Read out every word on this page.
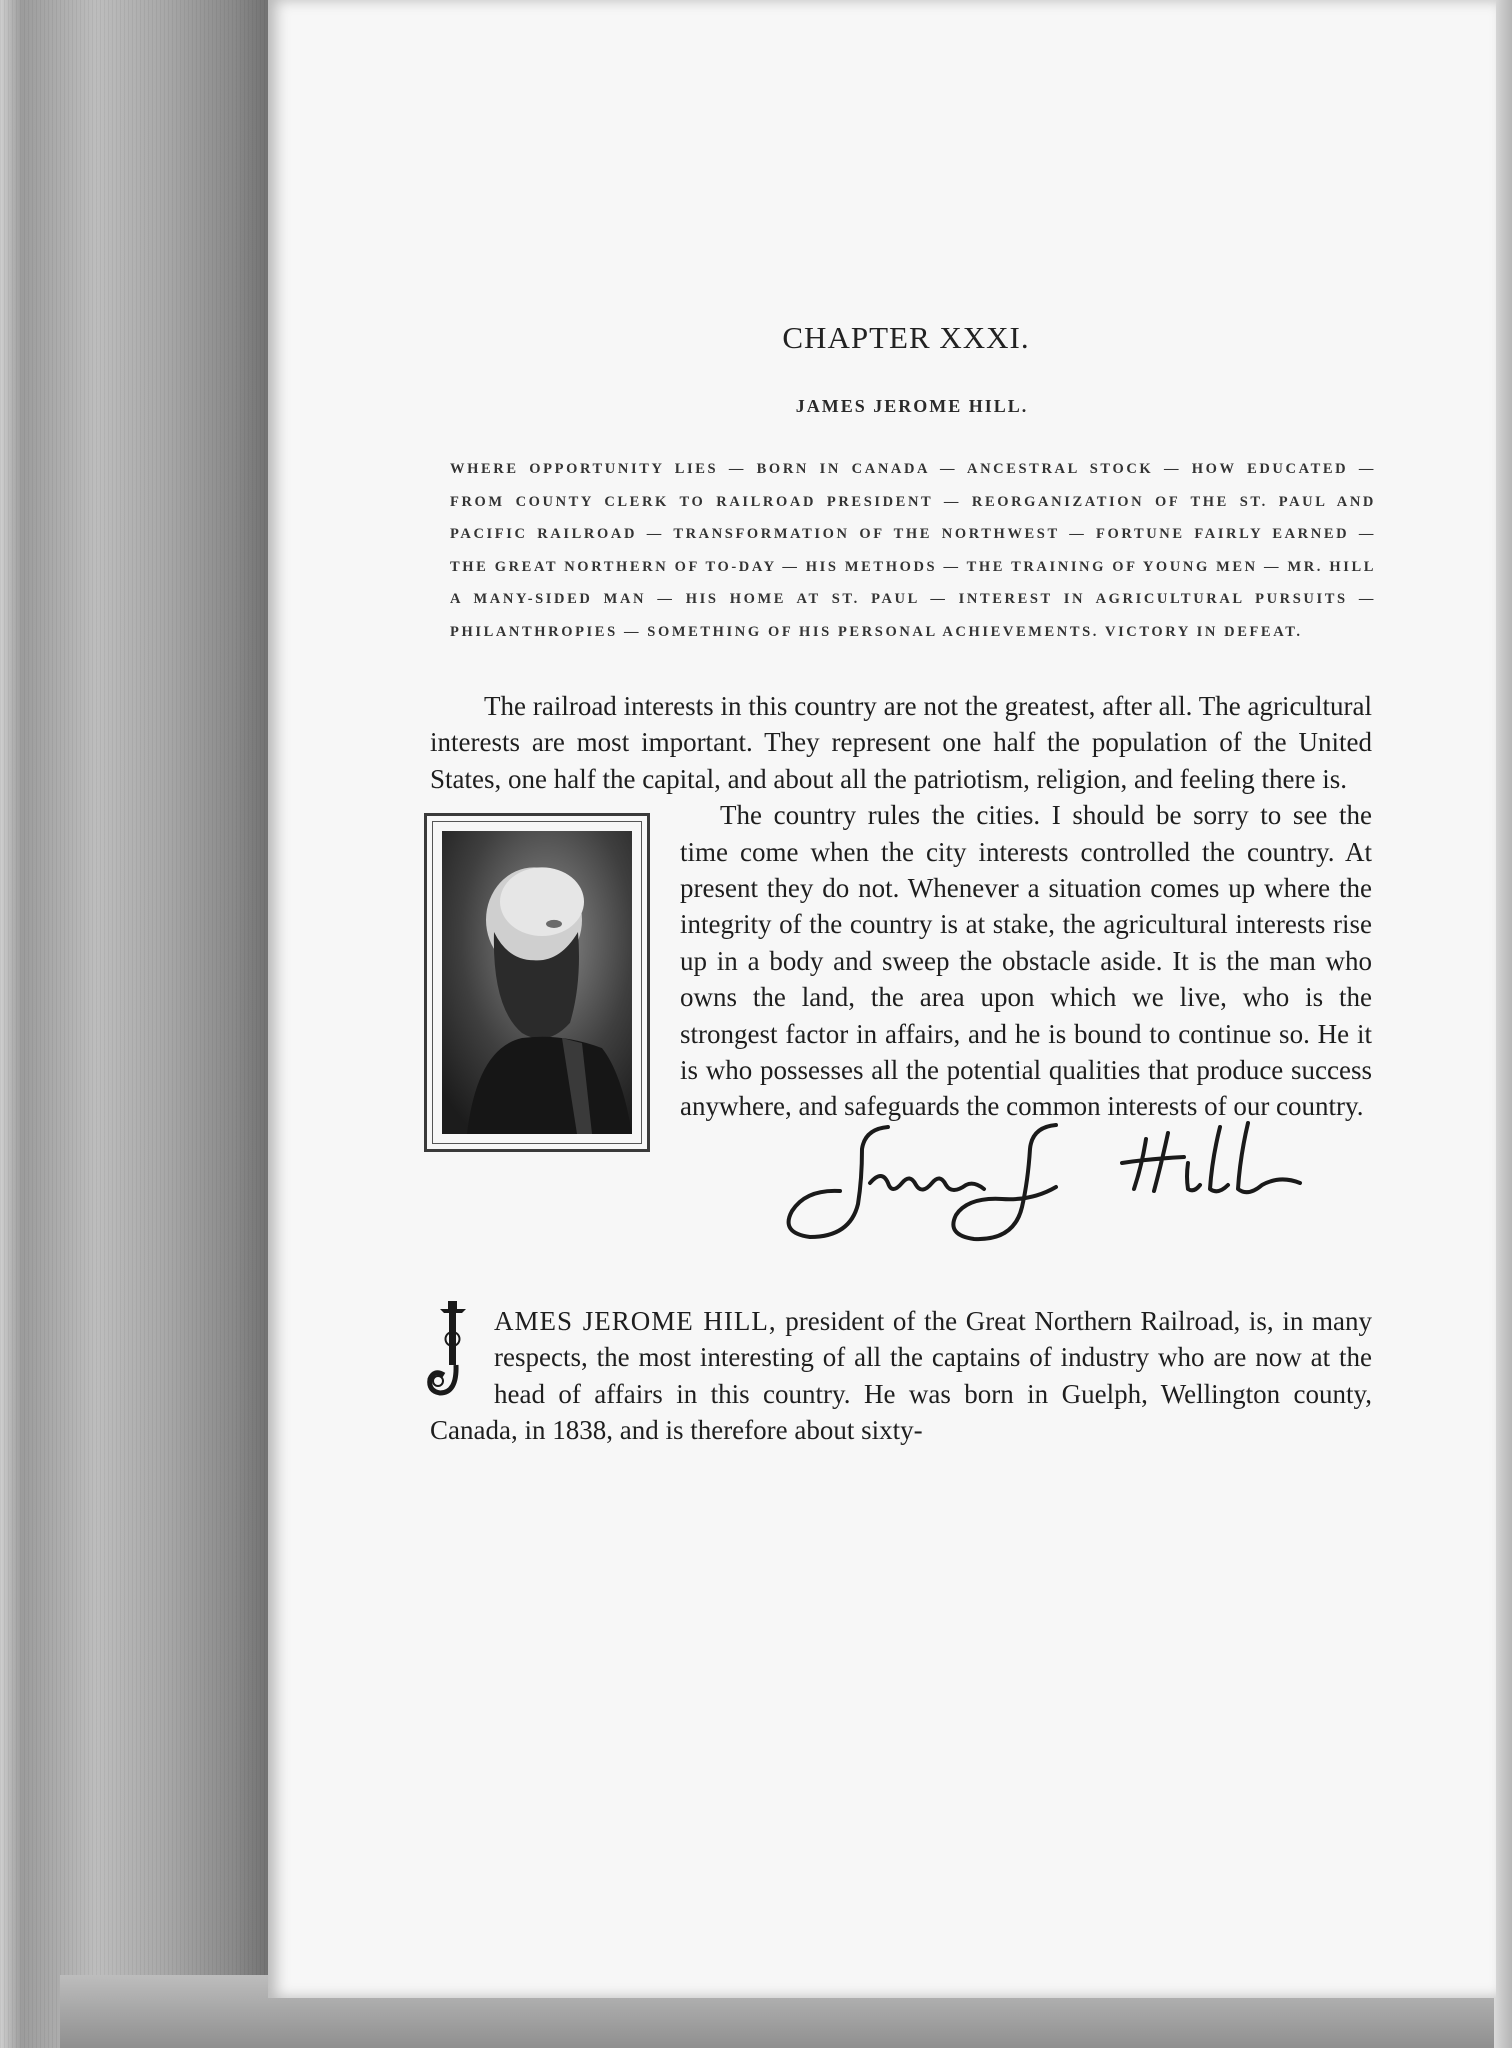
CHAPTER XXXI.
JAMES JEROME HILL.

WHERE OPPORTUNITY LIES — BORN IN CANADA — ANCESTRAL STOCK — HOW EDUCATED — FROM COUNTY CLERK TO RAILROAD PRESIDENT — REORGANIZATION OF THE ST. PAUL AND PACIFIC RAILROAD — TRANSFORMATION OF THE NORTHWEST — FORTUNE FAIRLY EARNED — THE GREAT NORTHERN OF TO-DAY — HIS METHODS — THE TRAINING OF YOUNG MEN — MR. HILL A MANY-SIDED MAN — HIS HOME AT ST. PAUL — INTEREST IN AGRICULTURAL PURSUITS — PHILANTHROPIES — SOMETHING OF HIS PERSONAL ACHIEVEMENTS. VICTORY IN DEFEAT.

The railroad interests in this country are not the greatest, after all. The agricultural interests are most important. They represent one half the population of the United States, one half the capital, and about all the patriotism, religion, and feeling there is.

The country rules the cities. I should be sorry to see the time come when the city interests controlled the country. At present they do not. Whenever a situation comes up where the integrity of the country is at stake, the agricultural interests rise up in a body and sweep the obstacle aside. It is the man who owns the land, the area upon which we live, who is the strongest factor in affairs, and he is bound to continue so. He it is who possesses all the potential qualities that produce success anywhere, and safeguards the common interests of our country.

AMES JEROME HILL, president of the Great Northern Railroad, is, in many respects, the most interesting of all the captains of industry who are now at the head of affairs in this country. He was born in Guelph, Wellington county, Canada, in 1838, and is therefore about sixty-
